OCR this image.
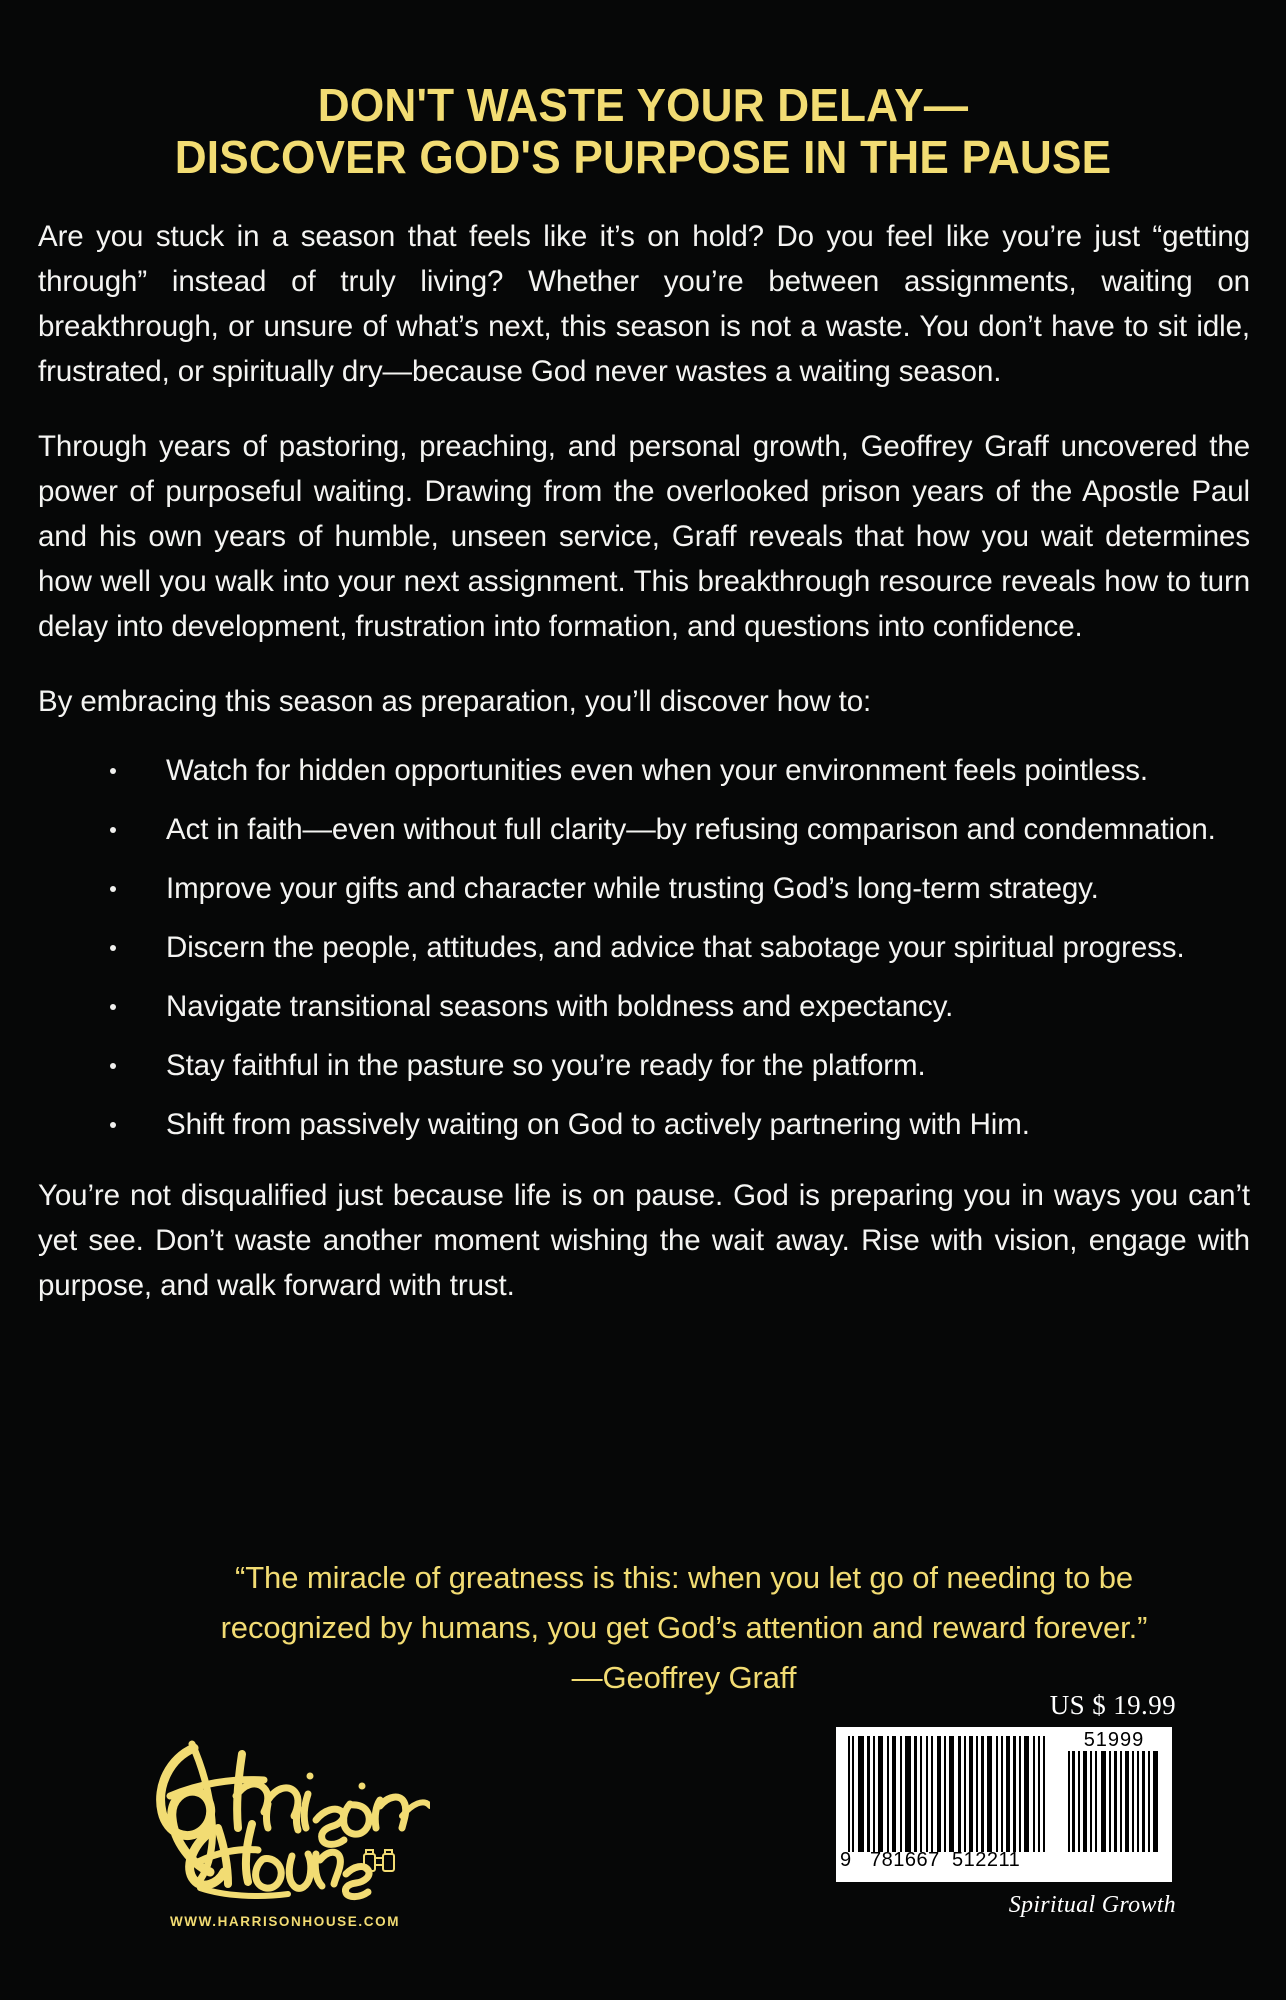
DON'T WASTE YOUR DELAY—
DISCOVER GOD'S PURPOSE IN THE PAUSE

Are you stuck in a season that feels like it’s on hold? Do you feel like you’re just “getting through” instead of truly living? Whether you’re between assignments, waiting on breakthrough, or unsure of what’s next, this season is not a waste. You don’t have to sit idle, frustrated, or spiritually dry—because God never wastes a waiting season.

Through years of pastoring, preaching, and personal growth, Geoffrey Graff uncovered the power of purposeful waiting. Drawing from the overlooked prison years of the Apostle Paul and his own years of humble, unseen service, Graff reveals that how you wait determines how well you walk into your next assignment. This breakthrough resource reveals how to turn delay into development, frustration into formation, and questions into confidence.

By embracing this season as preparation, you’ll discover how to:

Watch for hidden opportunities even when your environment feels pointless.
Act in faith—even without full clarity—by refusing comparison and condemnation.
Improve your gifts and character while trusting God’s long-term strategy.
Discern the people, attitudes, and advice that sabotage your spiritual progress.
Navigate transitional seasons with boldness and expectancy.
Stay faithful in the pasture so you’re ready for the platform.
Shift from passively waiting on God to actively partnering with Him.

You’re not disqualified just because life is on pause. God is preparing you in ways you can’t yet see. Don’t waste another moment wishing the wait away. Rise with vision, engage with purpose, and walk forward with trust.

“The miracle of greatness is this: when you let go of needing to be
recognized by humans, you get God’s attention and reward forever.”
—Geoffrey Graff
WWW.HARRISONHOUSE.COM
US $ 19.99
51999
9 781667 512211
Spiritual Growth
